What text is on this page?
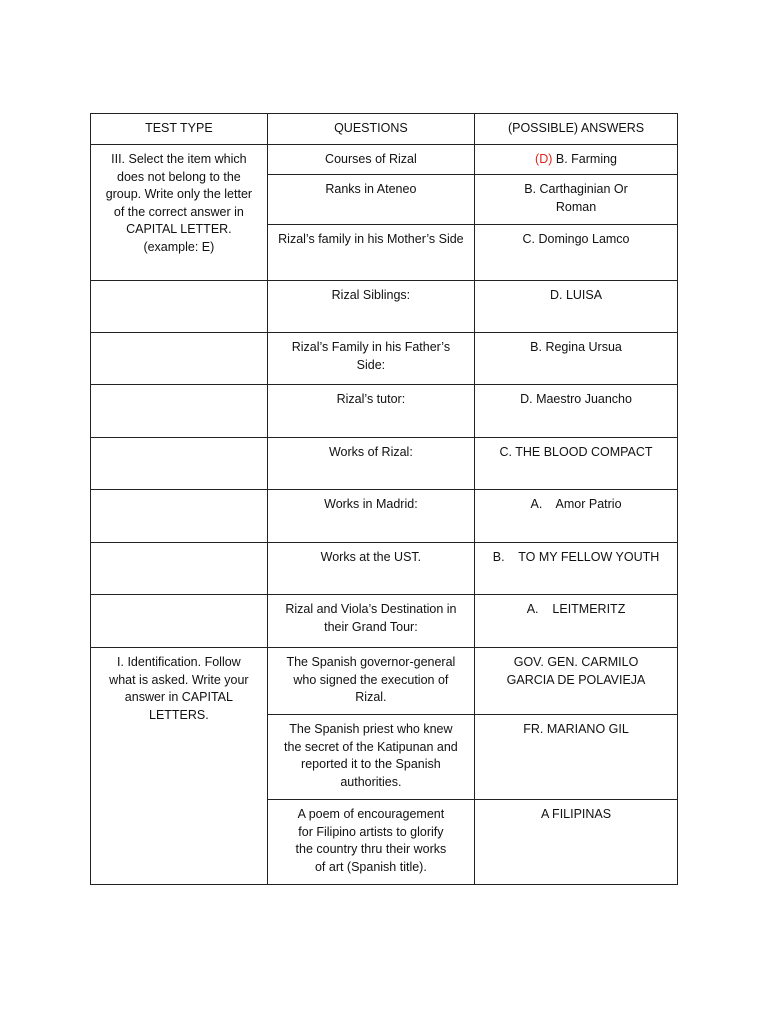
TEST TYPE	QUESTIONS	(POSSIBLE) ANSWERS
III. Select the item which does not belong to the group. Write only the letter of the correct answer in CAPITAL LETTER. (example: E)	Courses of Rizal	(D) B. Farming
	Ranks in Ateneo	B. Carthaginian Or Roman
	Rizal’s family in his Mother’s Side	C. Domingo Lamco
	Rizal Siblings:	D. LUISA
	Rizal’s Family in his Father’s Side:	B. Regina Ursua
	Rizal’s tutor:	D. Maestro Juancho
	Works of Rizal:	C. THE BLOOD COMPACT
	Works in Madrid:	A.    Amor Patrio
	Works at the UST.	B.    TO MY FELLOW YOUTH
	Rizal and Viola’s Destination in their Grand Tour:	A.    LEITMERITZ
I. Identification. Follow what is asked. Write your answer in CAPITAL LETTERS.	The Spanish governor-general who signed the execution of Rizal.	GOV. GEN. CARMILO GARCIA DE POLAVIEJA
	The Spanish priest who knew the secret of the Katipunan and reported it to the Spanish authorities.	FR. MARIANO GIL
	A poem of encouragement for Filipino artists to glorify the country thru their works of art (Spanish title).	A FILIPINAS
